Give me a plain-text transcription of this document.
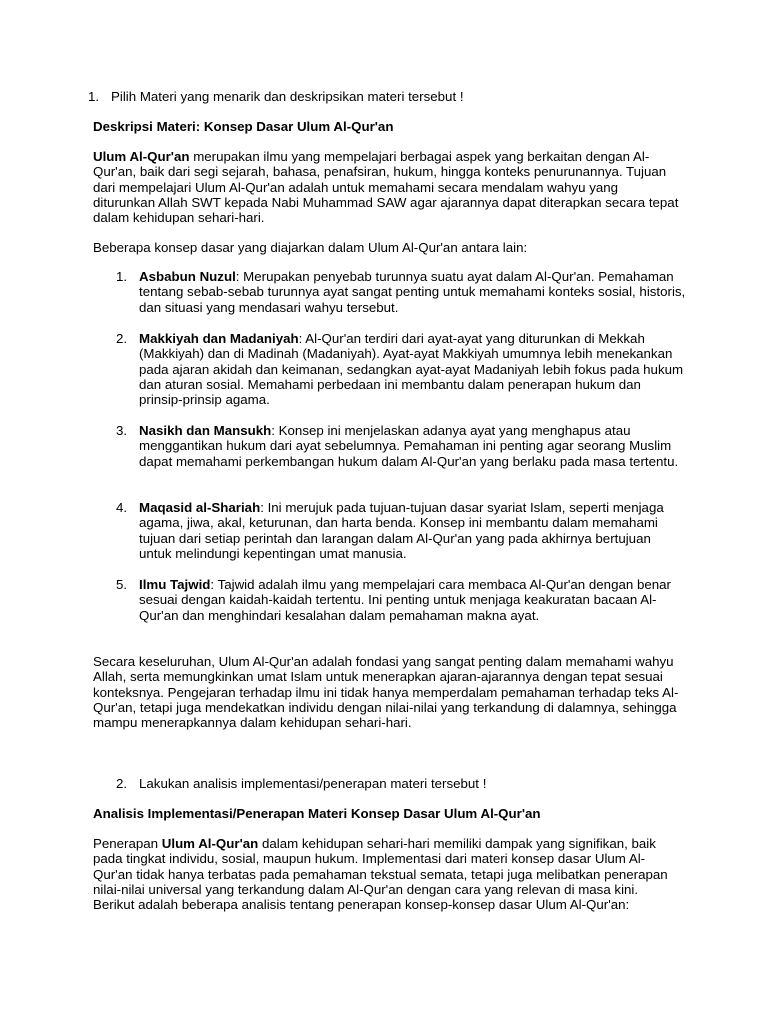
1. Pilih Materi yang menarik dan deskripsikan materi tersebut !

Deskripsi Materi: Konsep Dasar Ulum Al-Qur'an

Ulum Al-Qur'an merupakan ilmu yang mempelajari berbagai aspek yang berkaitan dengan Al-Qur'an, baik dari segi sejarah, bahasa, penafsiran, hukum, hingga konteks penurunannya. Tujuan dari mempelajari Ulum Al-Qur'an adalah untuk memahami secara mendalam wahyu yang diturunkan Allah SWT kepada Nabi Muhammad SAW agar ajarannya dapat diterapkan secara tepat dalam kehidupan sehari-hari.

Beberapa konsep dasar yang diajarkan dalam Ulum Al-Qur'an antara lain:

1. Asbabun Nuzul: Merupakan penyebab turunnya suatu ayat dalam Al-Qur'an. Pemahaman tentang sebab-sebab turunnya ayat sangat penting untuk memahami konteks sosial, historis, dan situasi yang mendasari wahyu tersebut.

2. Makkiyah dan Madaniyah: Al-Qur'an terdiri dari ayat-ayat yang diturunkan di Mekkah (Makkiyah) dan di Madinah (Madaniyah). Ayat-ayat Makkiyah umumnya lebih menekankan pada ajaran akidah dan keimanan, sedangkan ayat-ayat Madaniyah lebih fokus pada hukum dan aturan sosial. Memahami perbedaan ini membantu dalam penerapan hukum dan prinsip-prinsip agama.

3. Nasikh dan Mansukh: Konsep ini menjelaskan adanya ayat yang menghapus atau menggantikan hukum dari ayat sebelumnya. Pemahaman ini penting agar seorang Muslim dapat memahami perkembangan hukum dalam Al-Qur'an yang berlaku pada masa tertentu.

4. Maqasid al-Shariah: Ini merujuk pada tujuan-tujuan dasar syariat Islam, seperti menjaga agama, jiwa, akal, keturunan, dan harta benda. Konsep ini membantu dalam memahami tujuan dari setiap perintah dan larangan dalam Al-Qur'an yang pada akhirnya bertujuan untuk melindungi kepentingan umat manusia.

5. Ilmu Tajwid: Tajwid adalah ilmu yang mempelajari cara membaca Al-Qur'an dengan benar sesuai dengan kaidah-kaidah tertentu. Ini penting untuk menjaga keakuratan bacaan Al-Qur'an dan menghindari kesalahan dalam pemahaman makna ayat.

Secara keseluruhan, Ulum Al-Qur'an adalah fondasi yang sangat penting dalam memahami wahyu Allah, serta memungkinkan umat Islam untuk menerapkan ajaran-ajarannya dengan tepat sesuai konteksnya. Pengejaran terhadap ilmu ini tidak hanya memperdalam pemahaman terhadap teks Al-Qur'an, tetapi juga mendekatkan individu dengan nilai-nilai yang terkandung di dalamnya, sehingga mampu menerapkannya dalam kehidupan sehari-hari.

2. Lakukan analisis implementasi/penerapan materi tersebut !

Analisis Implementasi/Penerapan Materi Konsep Dasar Ulum Al-Qur'an

Penerapan Ulum Al-Qur'an dalam kehidupan sehari-hari memiliki dampak yang signifikan, baik pada tingkat individu, sosial, maupun hukum. Implementasi dari materi konsep dasar Ulum Al-Qur'an tidak hanya terbatas pada pemahaman tekstual semata, tetapi juga melibatkan penerapan nilai-nilai universal yang terkandung dalam Al-Qur'an dengan cara yang relevan di masa kini. Berikut adalah beberapa analisis tentang penerapan konsep-konsep dasar Ulum Al-Qur'an:
